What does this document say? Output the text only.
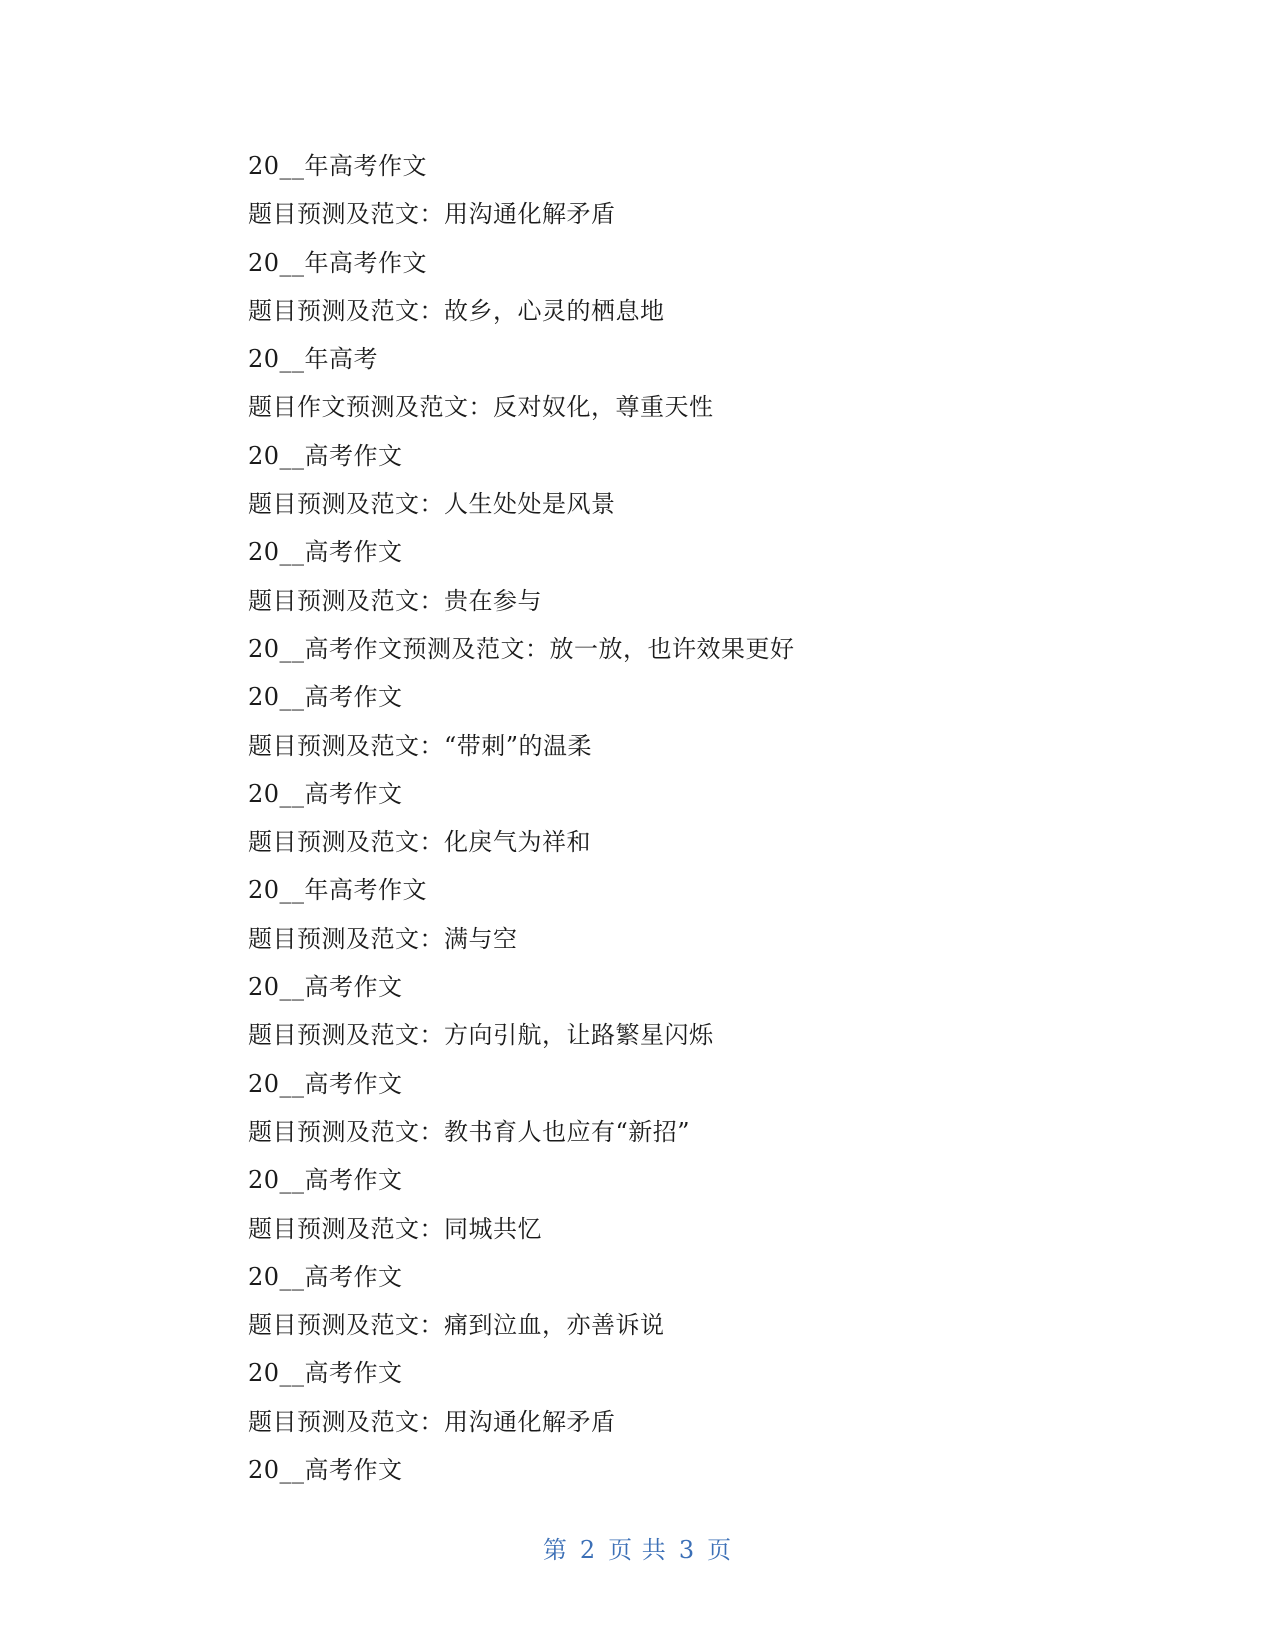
20__年高考作文
题目预测及范文：用沟通化解矛盾
20__年高考作文
题目预测及范文：故乡，心灵的栖息地
20__年高考
题目作文预测及范文：反对奴化，尊重天性
20__高考作文
题目预测及范文：人生处处是风景
20__高考作文
题目预测及范文：贵在参与
20__高考作文预测及范文：放一放，也许效果更好
20__高考作文
题目预测及范文：“带刺”的温柔
20__高考作文
题目预测及范文：化戾气为祥和
20__年高考作文
题目预测及范文：满与空
20__高考作文
题目预测及范文：方向引航，让路繁星闪烁
20__高考作文
题目预测及范文：教书育人也应有“新招”
20__高考作文
题目预测及范文：同城共忆
20__高考作文
题目预测及范文：痛到泣血，亦善诉说
20__高考作文
题目预测及范文：用沟通化解矛盾
20__高考作文
第 2 页 共 3 页
